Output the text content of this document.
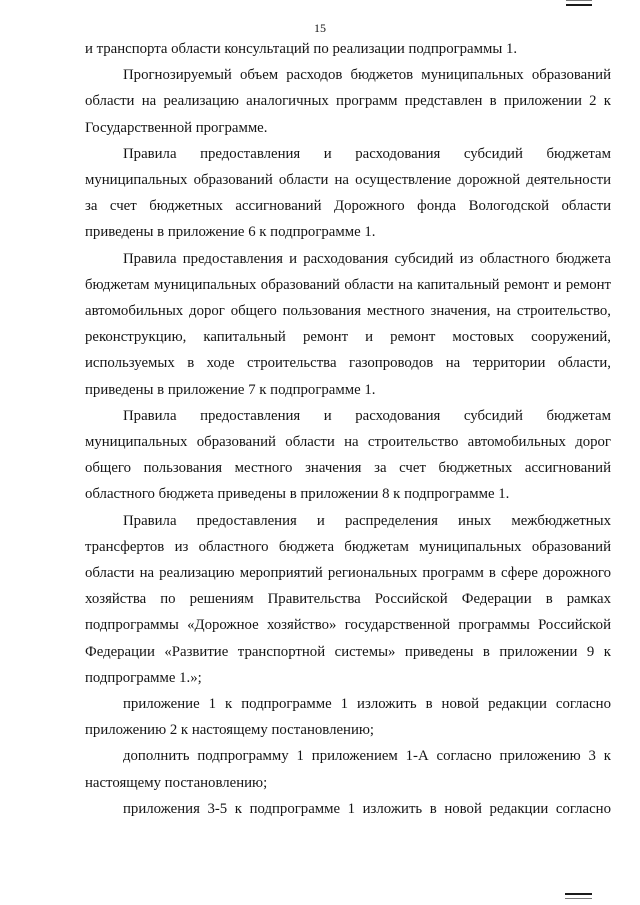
15

и транспорта области консультаций по реализации подпрограммы 1.

Прогнозируемый объем расходов бюджетов муниципальных образований области на реализацию аналогичных программ представлен в приложении 2 к Государственной программе.

Правила предоставления и расходования субсидий бюджетам муниципальных образований области на осуществление дорожной деятельности за счет бюджетных ассигнований Дорожного фонда Вологодской области приведены в приложение 6 к подпрограмме 1.

Правила предоставления и расходования субсидий из областного бюджета бюджетам муниципальных образований области на капитальный ремонт и ремонт автомобильных дорог общего пользования местного значения, на строительство, реконструкцию, капитальный ремонт и ремонт мостовых сооружений, используемых в ходе строительства газопроводов на территории области, приведены в приложение 7 к подпрограмме 1.

Правила предоставления и расходования субсидий бюджетам муниципальных образований области на строительство автомобильных дорог общего пользования местного значения за счет бюджетных ассигнований областного бюджета приведены в приложении 8 к подпрограмме 1.

Правила предоставления и распределения иных межбюджетных трансфертов из областного бюджета бюджетам муниципальных образований области на реализацию мероприятий региональных программ в сфере дорожного хозяйства по решениям Правительства Российской Федерации в рамках подпрограммы «Дорожное хозяйство» государственной программы Российской Федерации «Развитие транспортной системы» приведены в приложении 9 к подпрограмме 1.»;

приложение 1 к подпрограмме 1 изложить в новой редакции согласно приложению 2 к настоящему постановлению;

дополнить подпрограмму 1 приложением 1-А согласно приложению 3 к настоящему постановлению;

приложения 3-5 к подпрограмме 1 изложить в новой редакции согласно
